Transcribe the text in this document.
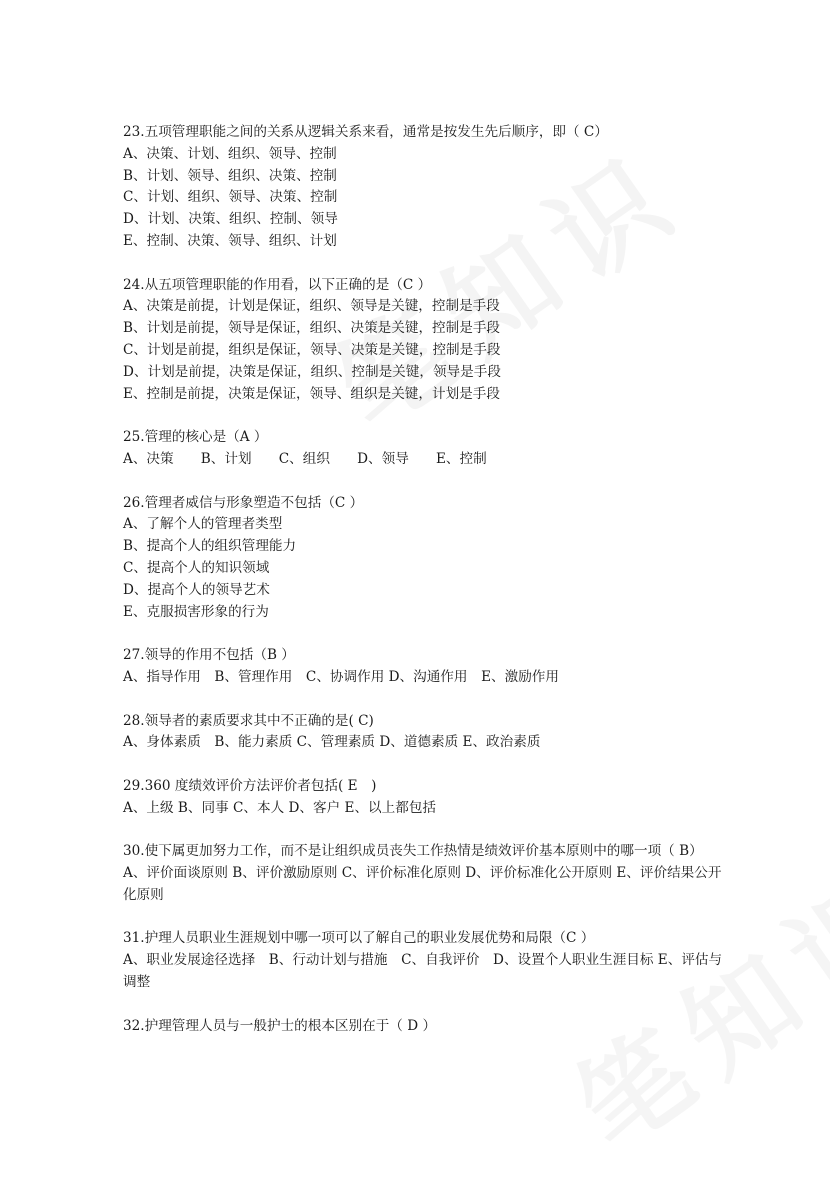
23.五项管理职能之间的关系从逻辑关系来看，通常是按发生先后顺序，即（ C）
A、决策、计划、组织、领导、控制
B、计划、领导、组织、决策、控制
C、计划、组织、领导、决策、控制
D、计划、决策、组织、控制、领导
E、控制、决策、领导、组织、计划
24.从五项管理职能的作用看，以下正确的是（C ）
A、决策是前提，计划是保证，组织、领导是关键，控制是手段
B、计划是前提，领导是保证，组织、决策是关键，控制是手段
C、计划是前提，组织是保证，领导、决策是关键，控制是手段
D、计划是前提，决策是保证，组织、控制是关键，领导是手段
E、控制是前提，决策是保证，领导、组织是关键，计划是手段
25.管理的核心是（A ）
A、决策　　B、计划　　C、组织　　D、领导　　E、控制
26.管理者威信与形象塑造不包括（C ）
A、了解个人的管理者类型
B、提高个人的组织管理能力
C、提高个人的知识领域
D、提高个人的领导艺术
E、克服损害形象的行为
27.领导的作用不包括（B ）
A、指导作用　B、管理作用　C、协调作用 D、沟通作用　E、激励作用
28.领导者的素质要求其中不正确的是( C)
A、身体素质　B、能力素质 C、管理素质 D、道德素质 E、政治素质
29.360 度绩效评价方法评价者包括( E　)
A、上级 B、同事 C、本人 D、客户 E、以上都包括
30.使下属更加努力工作，而不是让组织成员丧失工作热情是绩效评价基本原则中的哪一项（ B）
A、评价面谈原则 B、评价激励原则 C、评价标准化原则 D、评价标准化公开原则 E、评价结果公开化原则
31.护理人员职业生涯规划中哪一项可以了解自己的职业发展优势和局限（C ）
A、职业发展途径选择　B、行动计划与措施　C、自我评价　D、设置个人职业生涯目标 E、评估与调整
32.护理管理人员与一般护士的根本区别在于（ D ）
